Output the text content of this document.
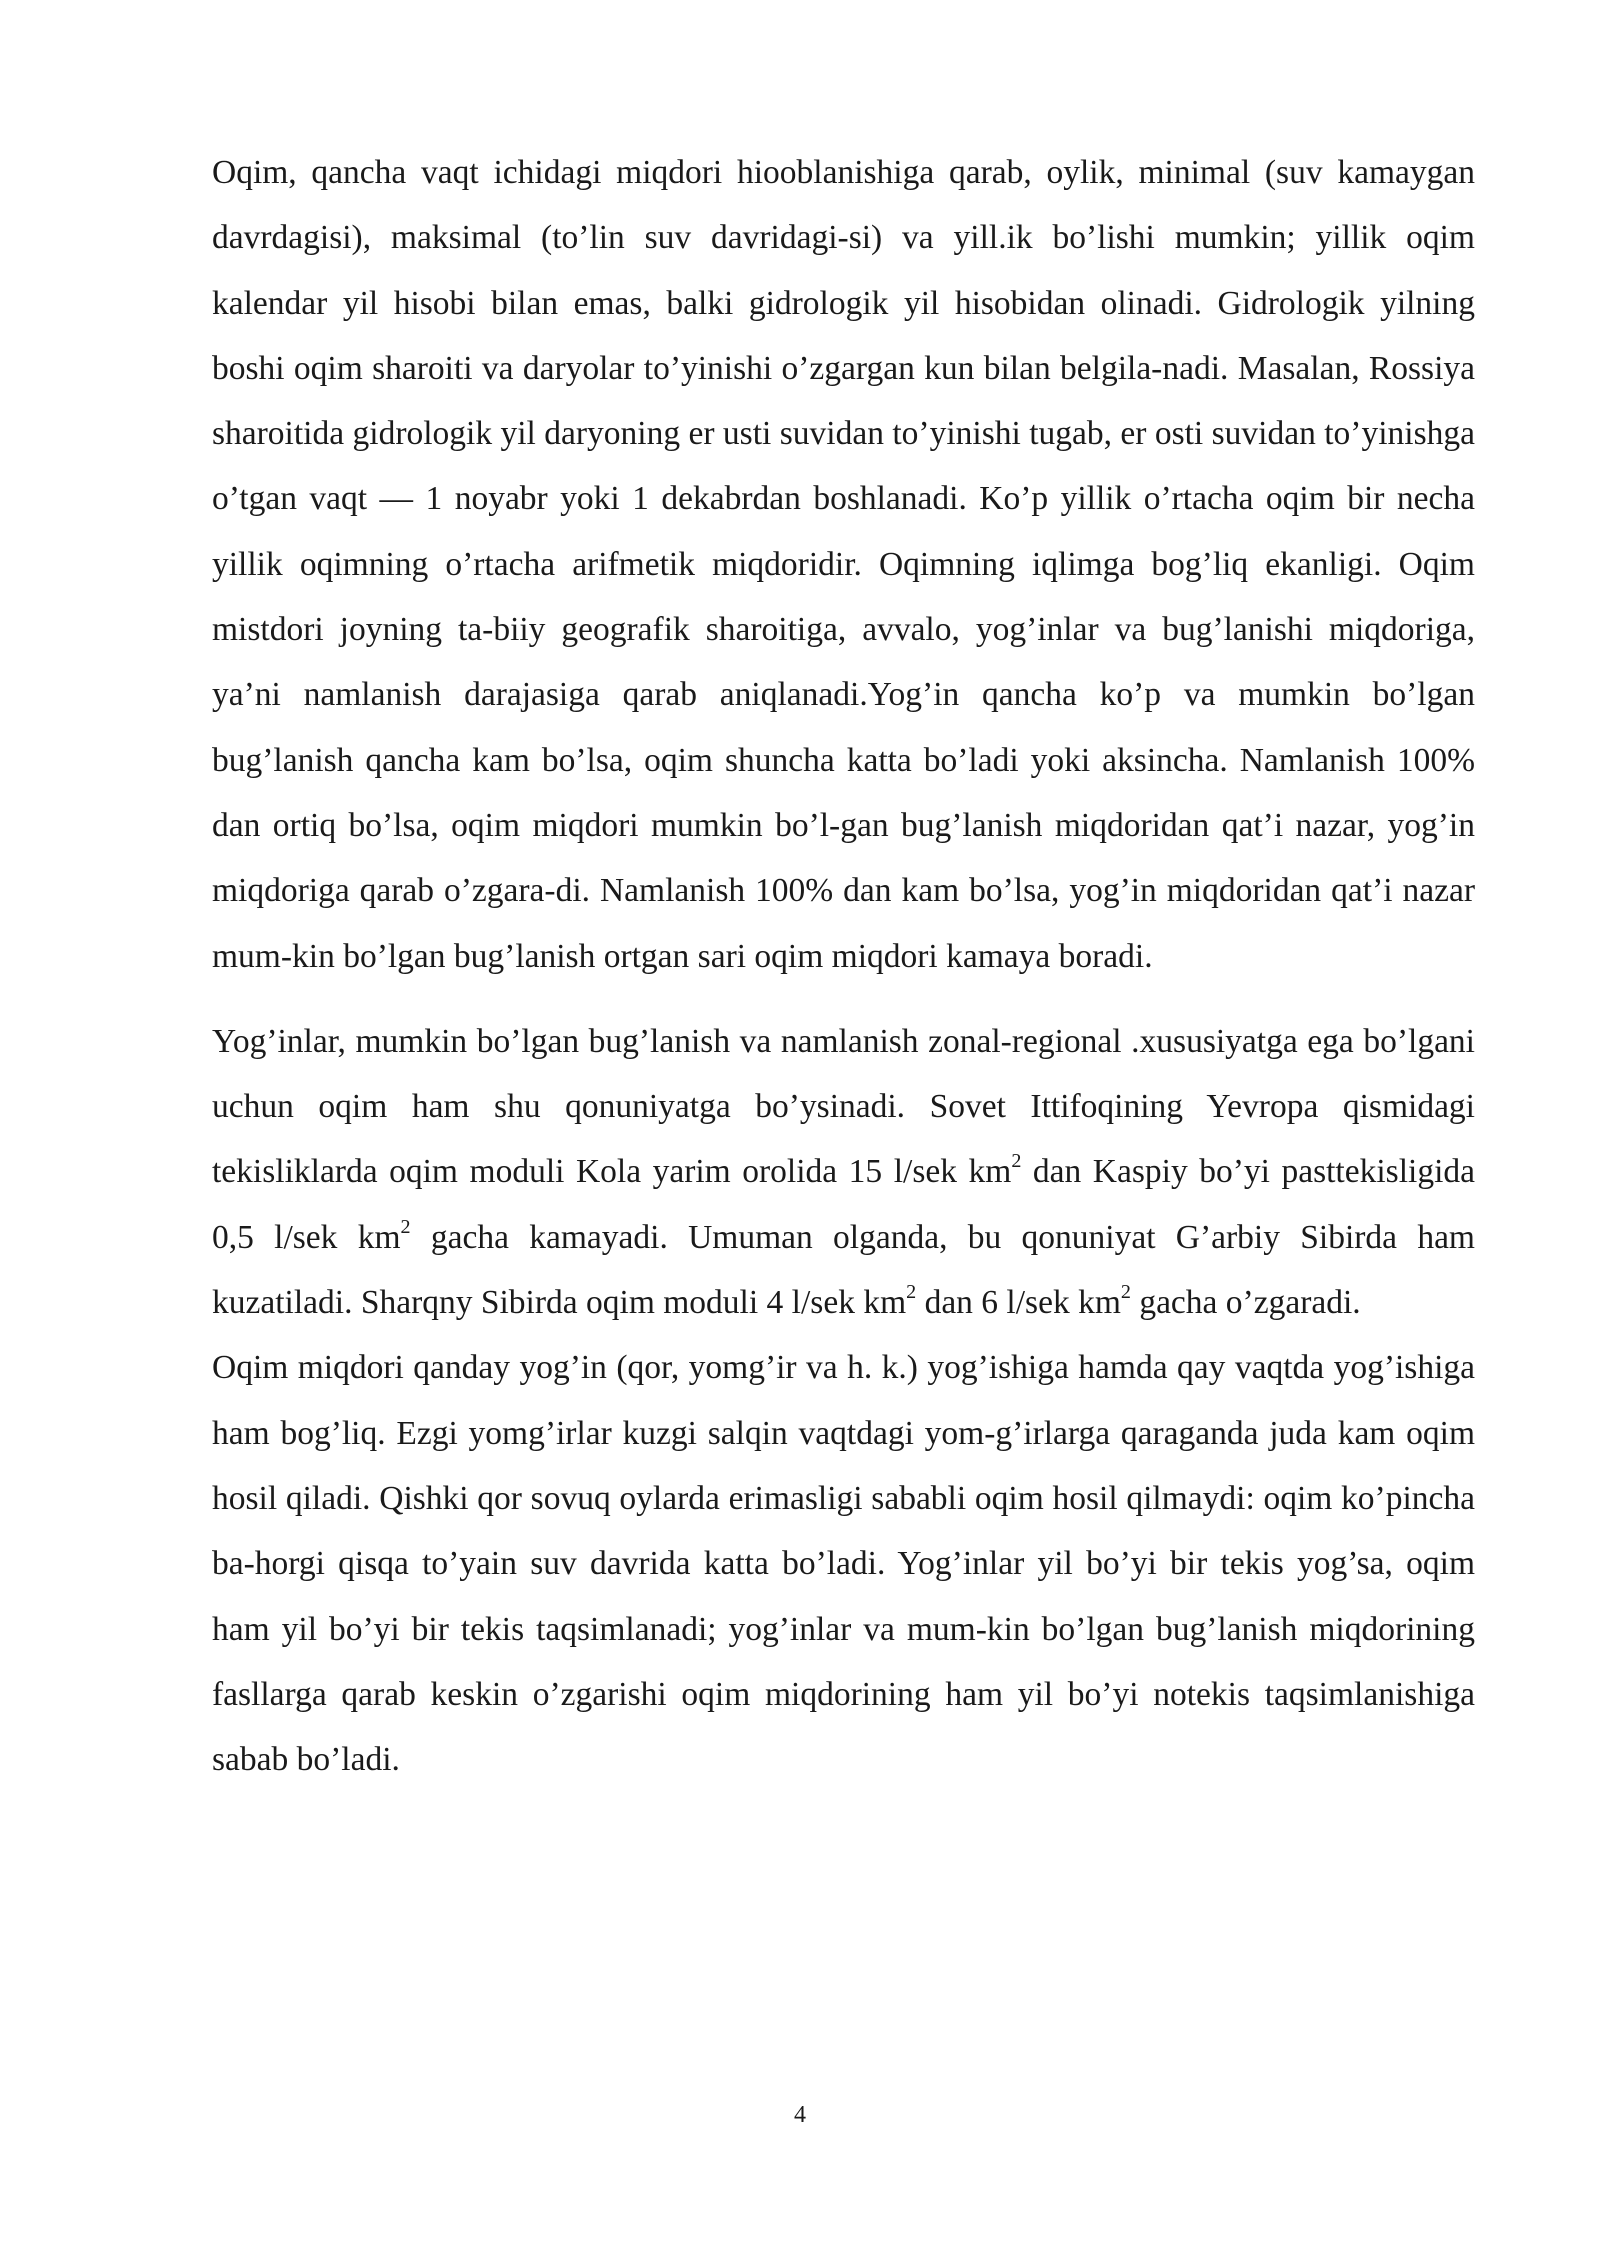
Oqim, qancha vaqt ichidagi miqdori hiooblanishiga qarab, oylik, minimal (suv kamaygan davrdagisi), maksimal (to’lin suv davridagi-si) va yill.ik bo’lishi mumkin; yillik oqim kalendar yil hisobi bilan emas, balki gidrologik yil hisobidan olinadi. Gidrologik yilning boshi oqim sharoiti va daryolar to’yinishi o’zgargan kun bilan belgila-nadi. Masalan, Rossiya sharoitida gidrologik yil daryoning er usti suvidan to’yinishi tugab, er osti suvidan to’yinishga o’tgan vaqt — 1 noyabr yoki 1 dekabrdan boshlanadi. Ko’p yillik o’rtacha oqim bir necha yillik oqimning o’rtacha arifmetik miqdoridir. Oqimning iqlimga bog’liq ekanligi. Oqim mistdori joyning ta-biiy geografik sharoitiga, avvalo, yog’inlar va bug’lanishi miqdoriga, ya’ni namlanish darajasiga qarab aniqlanadi.Yog’in qancha ko’p va mumkin bo’lgan bug’lanish qancha kam bo’lsa, oqim shuncha katta bo’ladi yoki aksincha. Namlanish 100% dan ortiq bo’lsa, oqim miqdori mumkin bo’l-gan bug’lanish miqdoridan qat’i nazar, yog’in miqdoriga qarab o’zgara-di. Namlanish 100% dan kam bo’lsa, yog’in miqdoridan qat’i nazar mum-kin bo’lgan bug’lanish ortgan sari oqim miqdori kamaya boradi.

Yog’inlar, mumkin bo’lgan bug’lanish va namlanish zonal-regional .xususiyatga ega bo’lgani uchun oqim ham shu qonuniyatga bo’ysinadi. Sovet Ittifoqining Yevropa qismidagi tekisliklarda oqim moduli Kola yarim orolida 15 l/sek $km^2$ dan Kaspiy bo’yi pasttekisligida 0,5 l/sek $km^2$ gacha kamayadi. Umuman olganda, bu qonuniyat G’arbiy Sibirda ham kuzatiladi. Sharqny Sibirda oqim moduli 4 l/sek $km^2$ dan 6 l/sek $km^2$ gacha o’zgaradi.

Oqim miqdori qanday yog’in (qor, yomg’ir va h. k.) yog’ishiga hamda qay vaqtda yog’ishiga ham bog’liq. Ezgi yomg’irlar kuzgi salqin vaqtdagi yom-g’irlarga qaraganda juda kam oqim hosil qiladi. Qishki qor sovuq oylarda erimasligi sababli oqim hosil qilmaydi: oqim ko’pincha ba-horgi qisqa to’yain suv davrida katta bo’ladi. Yog’inlar yil bo’yi bir tekis yog’sa, oqim ham yil bo’yi bir tekis taqsimlanadi; yog’inlar va mum-kin bo’lgan bug’lanish miqdorining fasllarga qarab keskin o’zgarishi oqim miqdorining ham yil bo’yi notekis taqsimlanishiga sabab bo’ladi.

4
